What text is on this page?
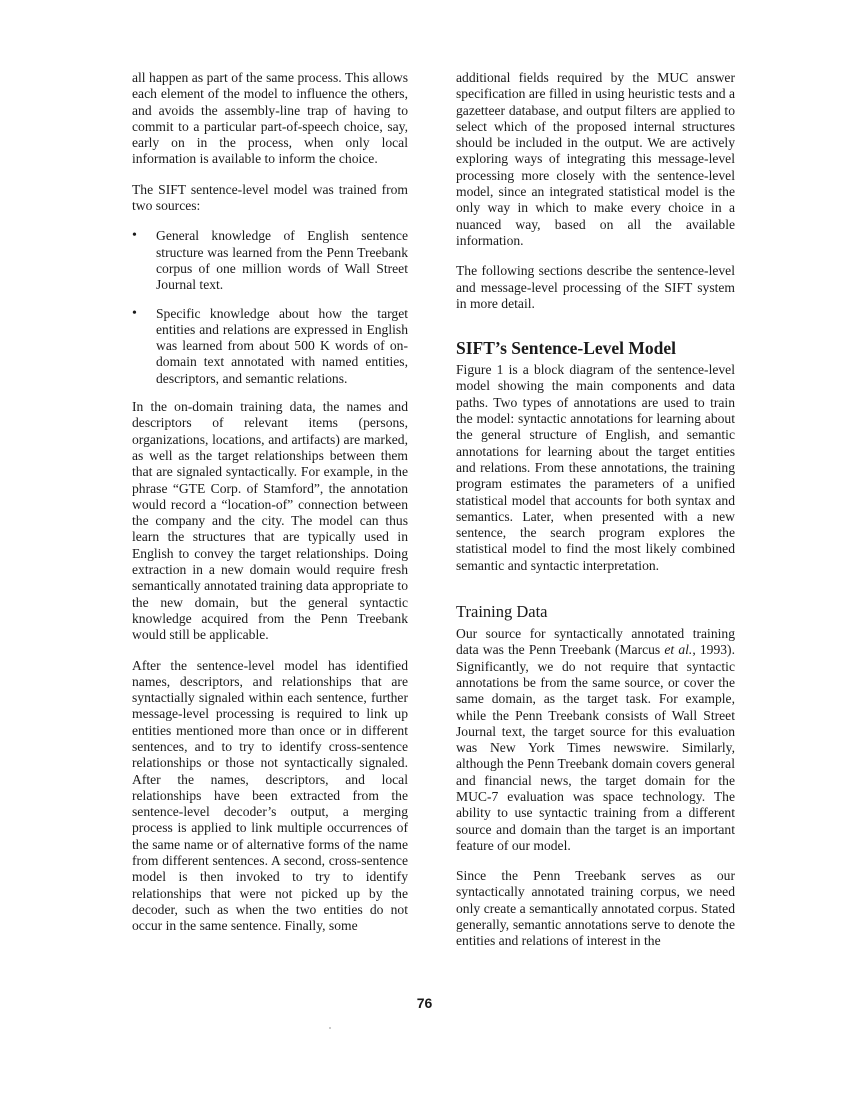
all happen as part of the same process. This allows each element of the model to influence the others, and avoids the assembly-line trap of having to commit to a particular part-of-speech choice, say, early on in the process, when only local information is available to inform the choice.

The SIFT sentence-level model was trained from two sources:

• General knowledge of English sentence structure was learned from the Penn Treebank corpus of one million words of Wall Street Journal text.
• Specific knowledge about how the target entities and relations are expressed in English was learned from about 500 K words of on-domain text annotated with named entities, descriptors, and semantic relations.

In the on-domain training data, the names and descriptors of relevant items (persons, organizations, locations, and artifacts) are marked, as well as the target relationships between them that are signaled syntactically. For example, in the phrase “GTE Corp. of Stamford”, the annotation would record a “location-of” connection between the company and the city. The model can thus learn the structures that are typically used in English to convey the target relationships. Doing extraction in a new domain would require fresh semantically annotated training data appropriate to the new domain, but the general syntactic knowledge acquired from the Penn Treebank would still be applicable.

After the sentence-level model has identified names, descriptors, and relationships that are syntactially signaled within each sentence, further message-level processing is required to link up entities mentioned more than once or in different sentences, and to try to identify cross-sentence relationships or those not syntactically signaled. After the names, descriptors, and local relationships have been extracted from the sentence-level decoder’s output, a merging process is applied to link multiple occurrences of the same name or of alternative forms of the name from different sentences. A second, cross-sentence model is then invoked to try to identify relationships that were not picked up by the decoder, such as when the two entities do not occur in the same sentence. Finally, some

additional fields required by the MUC answer specification are filled in using heuristic tests and a gazetteer database, and output filters are applied to select which of the proposed internal structures should be included in the output. We are actively exploring ways of integrating this message-level processing more closely with the sentence-level model, since an integrated statistical model is the only way in which to make every choice in a nuanced way, based on all the available information.

The following sections describe the sentence-level and message-level processing of the SIFT system in more detail.

SIFT’s Sentence-Level Model

Figure 1 is a block diagram of the sentence-level model showing the main components and data paths. Two types of annotations are used to train the model: syntactic annotations for learning about the general structure of English, and semantic annotations for learning about the target entities and relations. From these annotations, the training program estimates the parameters of a unified statistical model that accounts for both syntax and semantics. Later, when presented with a new sentence, the search program explores the statistical model to find the most likely combined semantic and syntactic interpretation.

Training Data

Our source for syntactically annotated training data was the Penn Treebank (Marcus et al., 1993). Significantly, we do not require that syntactic annotations be from the same source, or cover the same domain, as the target task. For example, while the Penn Treebank consists of Wall Street Journal text, the target source for this evaluation was New York Times newswire. Similarly, although the Penn Treebank domain covers general and financial news, the target domain for the MUC-7 evaluation was space technology. The ability to use syntactic training from a different source and domain than the target is an important feature of our model.

Since the Penn Treebank serves as our syntactically annotated training corpus, we need only create a semantically annotated corpus. Stated generally, semantic annotations serve to denote the entities and relations of interest in the

76
